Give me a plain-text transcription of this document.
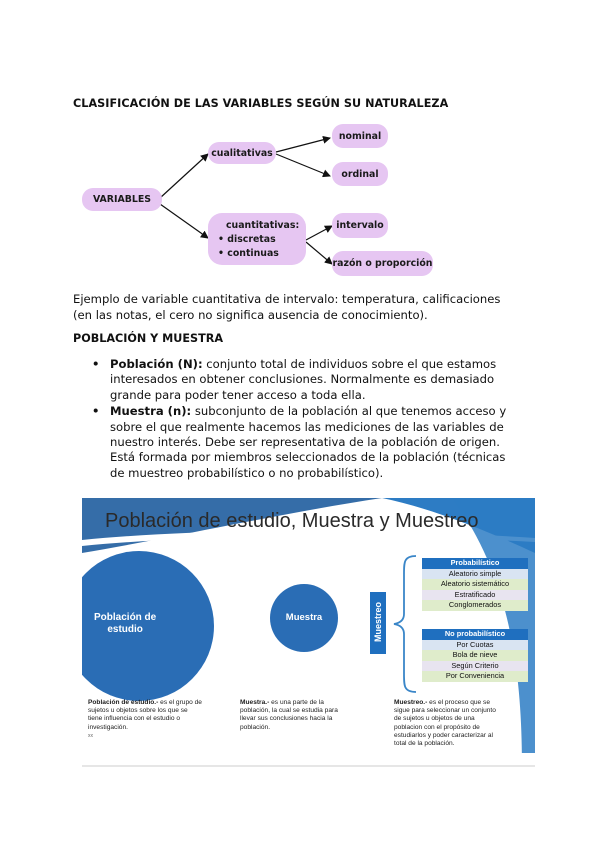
CLASIFICACIÓN DE LAS VARIABLES SEGÚN SU NATURALEZA
VARIABLES
cualitativas
nominal
ordinal
cuantitativas:
• discretas
• continuas
intervalo
razón o proporción
Ejemplo de variable cuantitativa de intervalo: temperatura, calificaciones
(en las notas, el cero no significa ausencia de conocimiento).
POBLACIÓN Y MUESTRA
• Población (N): conjunto total de individuos sobre el que estamos
interesados en obtener conclusiones. Normalmente es demasiado
grande para poder tener acceso a toda ella.
• Muestra (n): subconjunto de la población al que tenemos acceso y
sobre el que realmente hacemos las mediciones de las variables de
nuestro interés. Debe ser representativa de la población de origen.
Está formada por miembros seleccionados de la población (técnicas
de muestreo probabilístico o no probabilístico).
Población de estudio, Muestra y Muestreo
Población de
estudio
Muestra	Muestreo
Probabilístico
Aleatorio simple
Aleatorio sistemático
Estratificado
Conglomerados
No probabilístico
Por Cuotas
Bola de nieve
Según Criterio
Por Conveniencia
Población de estudio.- es el grupo de
sujetos u objetos sobre los que se
tiene influencia con el estudio o
investigación.
xx
Muestra.- es una parte de la
población, la cual se estudia para
llevar sus conclusiones hacia la
población.
Muestreo.- es el proceso que se
sigue para seleccionar un conjunto
de sujetos u objetos de una
poblacion con el propósito de
estudiarlos y poder caracterizar al
total de la población.
